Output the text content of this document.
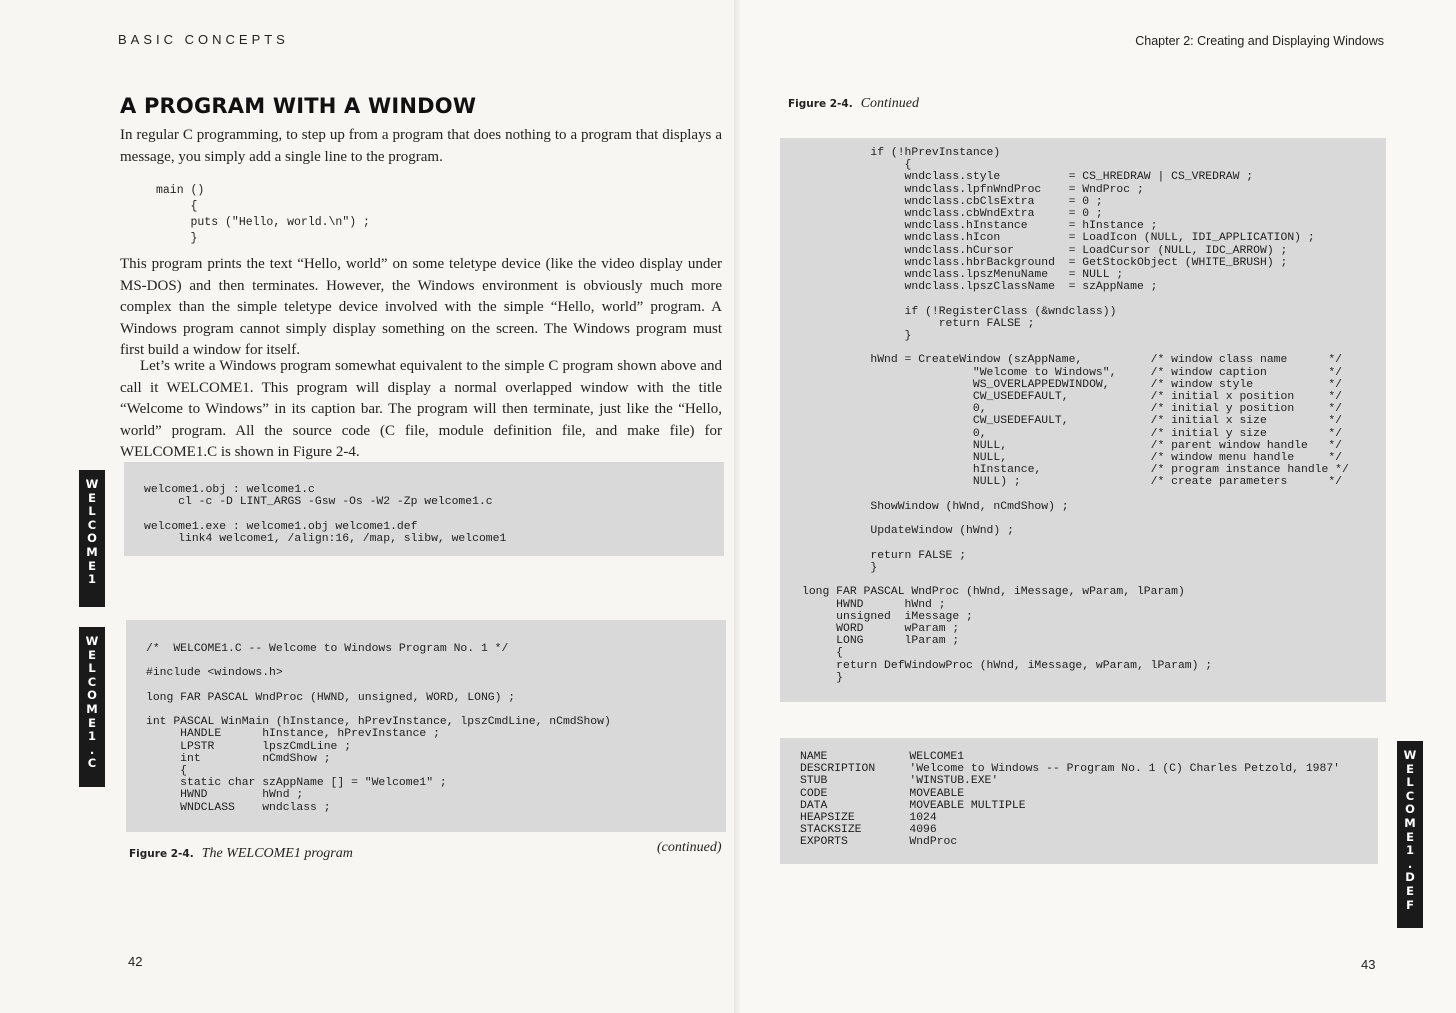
BASIC CONCEPTS
A PROGRAM WITH A WINDOW
In regular C programming, to step up from a program that does nothing to a program that displays a message, you simply add a single line to the program.
main ()
{
puts ("Hello, world.\n") ;
}
This program prints the text “Hello, world” on some teletype device (like the video display under MS-DOS) and then terminates. However, the Windows environment is obviously much more complex than the simple teletype device involved with the simple “Hello, world” program. A Windows program cannot simply display something on the screen. The Windows program must first build a window for itself.
Let’s write a Windows program somewhat equivalent to the simple C program shown above and call it WELCOME1. This program will display a normal overlapped window with the title “Welcome to Windows” in its caption bar. The program will then terminate, just like the “Hello, world” program. All the source code (C file, module definition file, and make file) for WELCOME1.C is shown in Figure 2-4.
W
E
L
C
O
M
E
1
welcome1.obj : welcome1.c
cl -c -D LINT_ARGS -Gsw -Os -W2 -Zp welcome1.c

welcome1.exe : welcome1.obj welcome1.def
link4 welcome1, /align:16, /map, slibw, welcome1
W
E
L
C
O
M
E
1
.
C
/*  WELCOME1.C -- Welcome to Windows Program No. 1 */

#include <windows.h>

long FAR PASCAL WndProc (HWND, unsigned, WORD, LONG) ;

int PASCAL WinMain (hInstance, hPrevInstance, lpszCmdLine, nCmdShow)
HANDLE      hInstance, hPrevInstance ;
LPSTR       lpszCmdLine ;
int         nCmdShow ;
{
static char szAppName [] = "Welcome1" ;
HWND        hWnd ;
WNDCLASS    wndclass ;
Figure 2-4. The WELCOME1 program	(continued)
42
Chapter 2: Creating and Displaying Windows
Figure 2-4. Continued
if (!hPrevInstance)
{
wndclass.style          = CS_HREDRAW | CS_VREDRAW ;
wndclass.lpfnWndProc    = WndProc ;
wndclass.cbClsExtra     = 0 ;
wndclass.cbWndExtra     = 0 ;
wndclass.hInstance      = hInstance ;
wndclass.hIcon          = LoadIcon (NULL, IDI_APPLICATION) ;
wndclass.hCursor        = LoadCursor (NULL, IDC_ARROW) ;
wndclass.hbrBackground  = GetStockObject (WHITE_BRUSH) ;
wndclass.lpszMenuName   = NULL ;
wndclass.lpszClassName  = szAppName ;

if (!RegisterClass (&wndclass))
return FALSE ;
}

hWnd = CreateWindow (szAppName,          /* window class name      */
"Welcome to Windows",     /* window caption         */
WS_OVERLAPPEDWINDOW,      /* window style           */
CW_USEDEFAULT,            /* initial x position     */
0,                        /* initial y position     */
CW_USEDEFAULT,            /* initial x size         */
0,                        /* initial y size         */
NULL,                     /* parent window handle   */
NULL,                     /* window menu handle     */
hInstance,                /* program instance handle */
NULL) ;                   /* create parameters      */

ShowWindow (hWnd, nCmdShow) ;

UpdateWindow (hWnd) ;

return FALSE ;
}

long FAR PASCAL WndProc (hWnd, iMessage, wParam, lParam)
HWND      hWnd ;
unsigned  iMessage ;
WORD      wParam ;
LONG      lParam ;
{
return DefWindowProc (hWnd, iMessage, wParam, lParam) ;
}
NAME            WELCOME1
DESCRIPTION     'Welcome to Windows -- Program No. 1 (C) Charles Petzold, 1987'
STUB            'WINSTUB.EXE'
CODE            MOVEABLE
DATA            MOVEABLE MULTIPLE
HEAPSIZE        1024
STACKSIZE       4096
EXPORTS         WndProc
W
E
L
C
O
M
E
1
.
D
E
F
43
